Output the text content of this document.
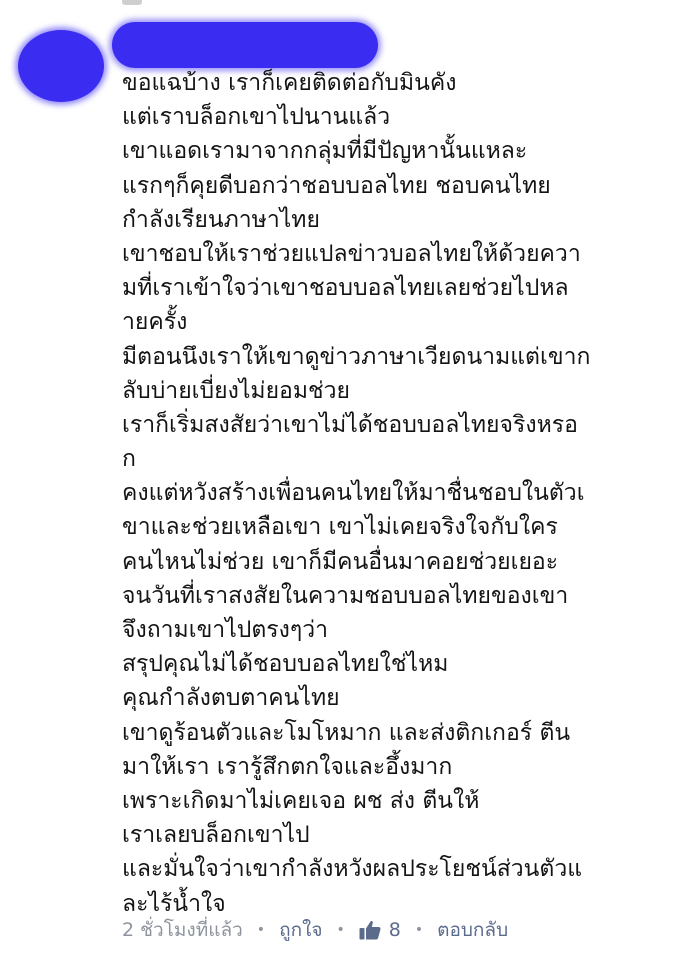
ขอแฉบ้าง เราก็เคยติดต่อกับมินคัง
แต่เราบล็อกเขาไปนานแล้ว
เขาแอดเรามาจากกลุ่มที่มีปัญหานั้นแหละ
แรกๆก็คุยดีบอกว่าชอบบอลไทย ชอบคนไทย
กำลังเรียนภาษาไทย
เขาชอบให้เราช่วยแปลข่าวบอลไทยให้ด้วยควา
มที่เราเข้าใจว่าเขาชอบบอลไทยเลยช่วยไปหล
ายครั้ง
มีตอนนึงเราให้เขาดูข่าวภาษาเวียดนามแต่เขาก
ลับบ่ายเบี่ยงไม่ยอมช่วย
เราก็เริ่มสงสัยว่าเขาไม่ได้ชอบบอลไทยจริงหรอ
ก
คงแต่หวังสร้างเพื่อนคนไทยให้มาชื่นชอบในตัวเ
ขาและช่วยเหลือเขา เขาไม่เคยจริงใจกับใคร
คนไหนไม่ช่วย เขาก็มีคนอื่นมาคอยช่วยเยอะ
จนวันที่เราสงสัยในความชอบบอลไทยของเขา
จึงถามเขาไปตรงๆว่า
สรุปคุณไม่ได้ชอบบอลไทยใช่ไหม
คุณกำลังตบตาคนไทย
เขาดูร้อนตัวและโมโหมาก และส่งติกเกอร์ ตีน
มาให้เรา เรารู้สึกตกใจและอึ้งมาก
เพราะเกิดมาไม่เคยเจอ ผช ส่ง ตีนให้
เราเลยบล็อกเขาไป
และมั่นใจว่าเขากำลังหวังผลประโยชน์ส่วนตัวแ
ละไร้น้ำใจ
2 ชั่วโมงที่แล้ว • ถูกใจ • 8 • ตอบกลับ
